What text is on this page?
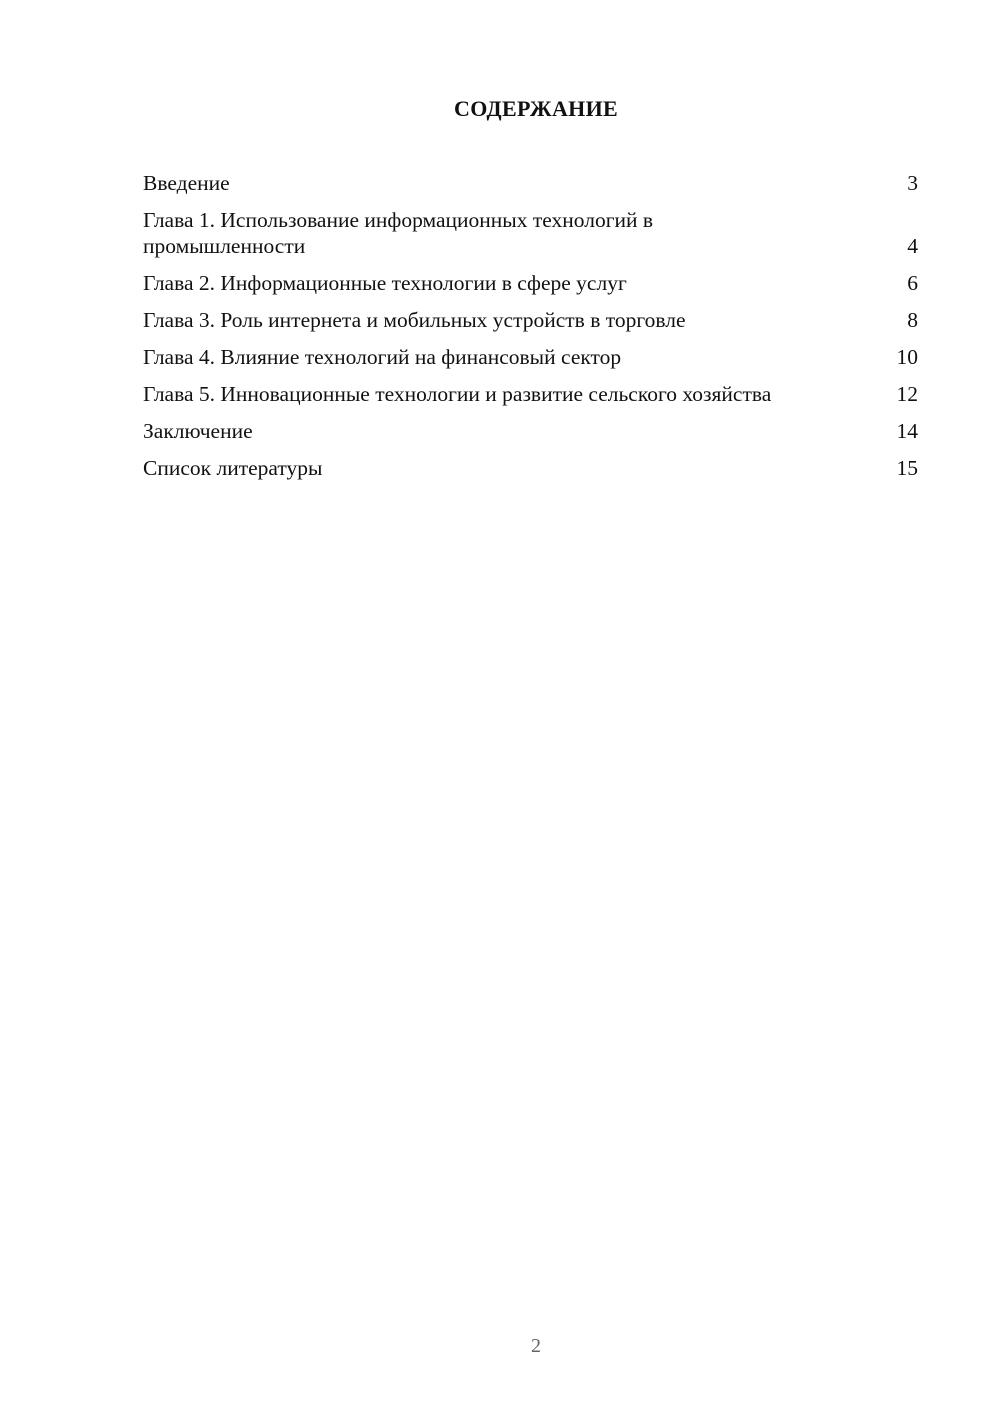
СОДЕРЖАНИЕ
Введение	3
Глава 1. Использование информационных технологий в промышленности	4
Глава 2. Информационные технологии в сфере услуг	6
Глава 3. Роль интернета и мобильных устройств в торговле	8
Глава 4. Влияние технологий на финансовый сектор	10
Глава 5. Инновационные технологии и развитие сельского хозяйства	12
Заключение	14
Список литературы	15
2
